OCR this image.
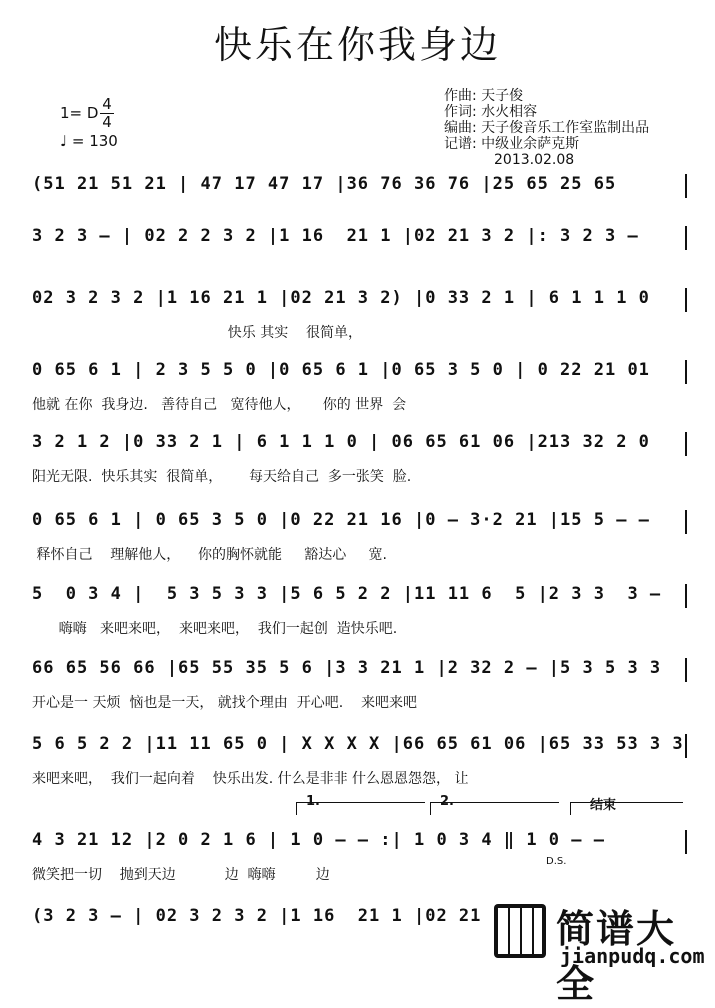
快乐在你我身边
1= D $\frac{4}{4}$
♩ = 130
作曲: 天子俊
作词: 水火相容
编曲: 天子俊音乐工作室监制出品
记谱: 中级业余萨克斯
2013.02.08
(51 21 51 21 | 47 17 47 17 |36 76 36 76 |25 65 25 65
3 2 3 – | 02 2 2 3 2 |1 16  21 1 |02 21 3 2 |: 3 2 3 –
02 3 2 3 2 |1 16 21 1 |02 21 3 2) |0 33 2 1 | 6 1 1 1 0
快乐 其实    很简单，
0 65 6 1 | 2 3 5 5 0 |0 65 6 1 |0 65 3 5 0 | 0 22 21 01
他就 在你  我身边.   善待自己   宽待他人，     你的 世界  会
3 2 1 2 |0 33 2 1 | 6 1 1 1 0 | 06 65 61 06 |213 32 2 0
阳光无限.  快乐其实  很简单，      每天给自己  多一张笑  脸.
0 65 6 1 | 0 65 3 5 0 |0 22 21 16 |0 – 3·2 21 |15 5 – –
释怀自己    理解他人，    你的胸怀就能     豁达心     宽.
5  0 3 4 |  5 3 5 3 3 |5 6 5 2 2 |11 11 6  5 |2 3 3  3 –
嗨嗨   来吧来吧，  来吧来吧，  我们一起创  造快乐吧.
66 65 56 66 |65 55 35 5 6 |3 3 21 1 |2 32 2 – |5 3 5 3 3
开心是一 天烦  恼也是一天， 就找个理由  开心吧.    来吧来吧
5 6 5 2 2 |11 11 65 0 | X X X X |66 65 61 06 |65 33 53 3 3
来吧来吧，  我们一起向着    快乐出发. 什么是非非 什么恩恩怨怨， 让
1.	2.	结束
4 3 21 12 |2 0 2 1 6 | 1 0 – – :| 1 0 3 4 ‖ 1 0 – –
微笑把一切    抛到天边           边  嗨嗨         边
D.S.
(3 2 3 – | 02 3 2 3 2 |1 16  21 1 |02 21	简谱大全
jianpudq.com
